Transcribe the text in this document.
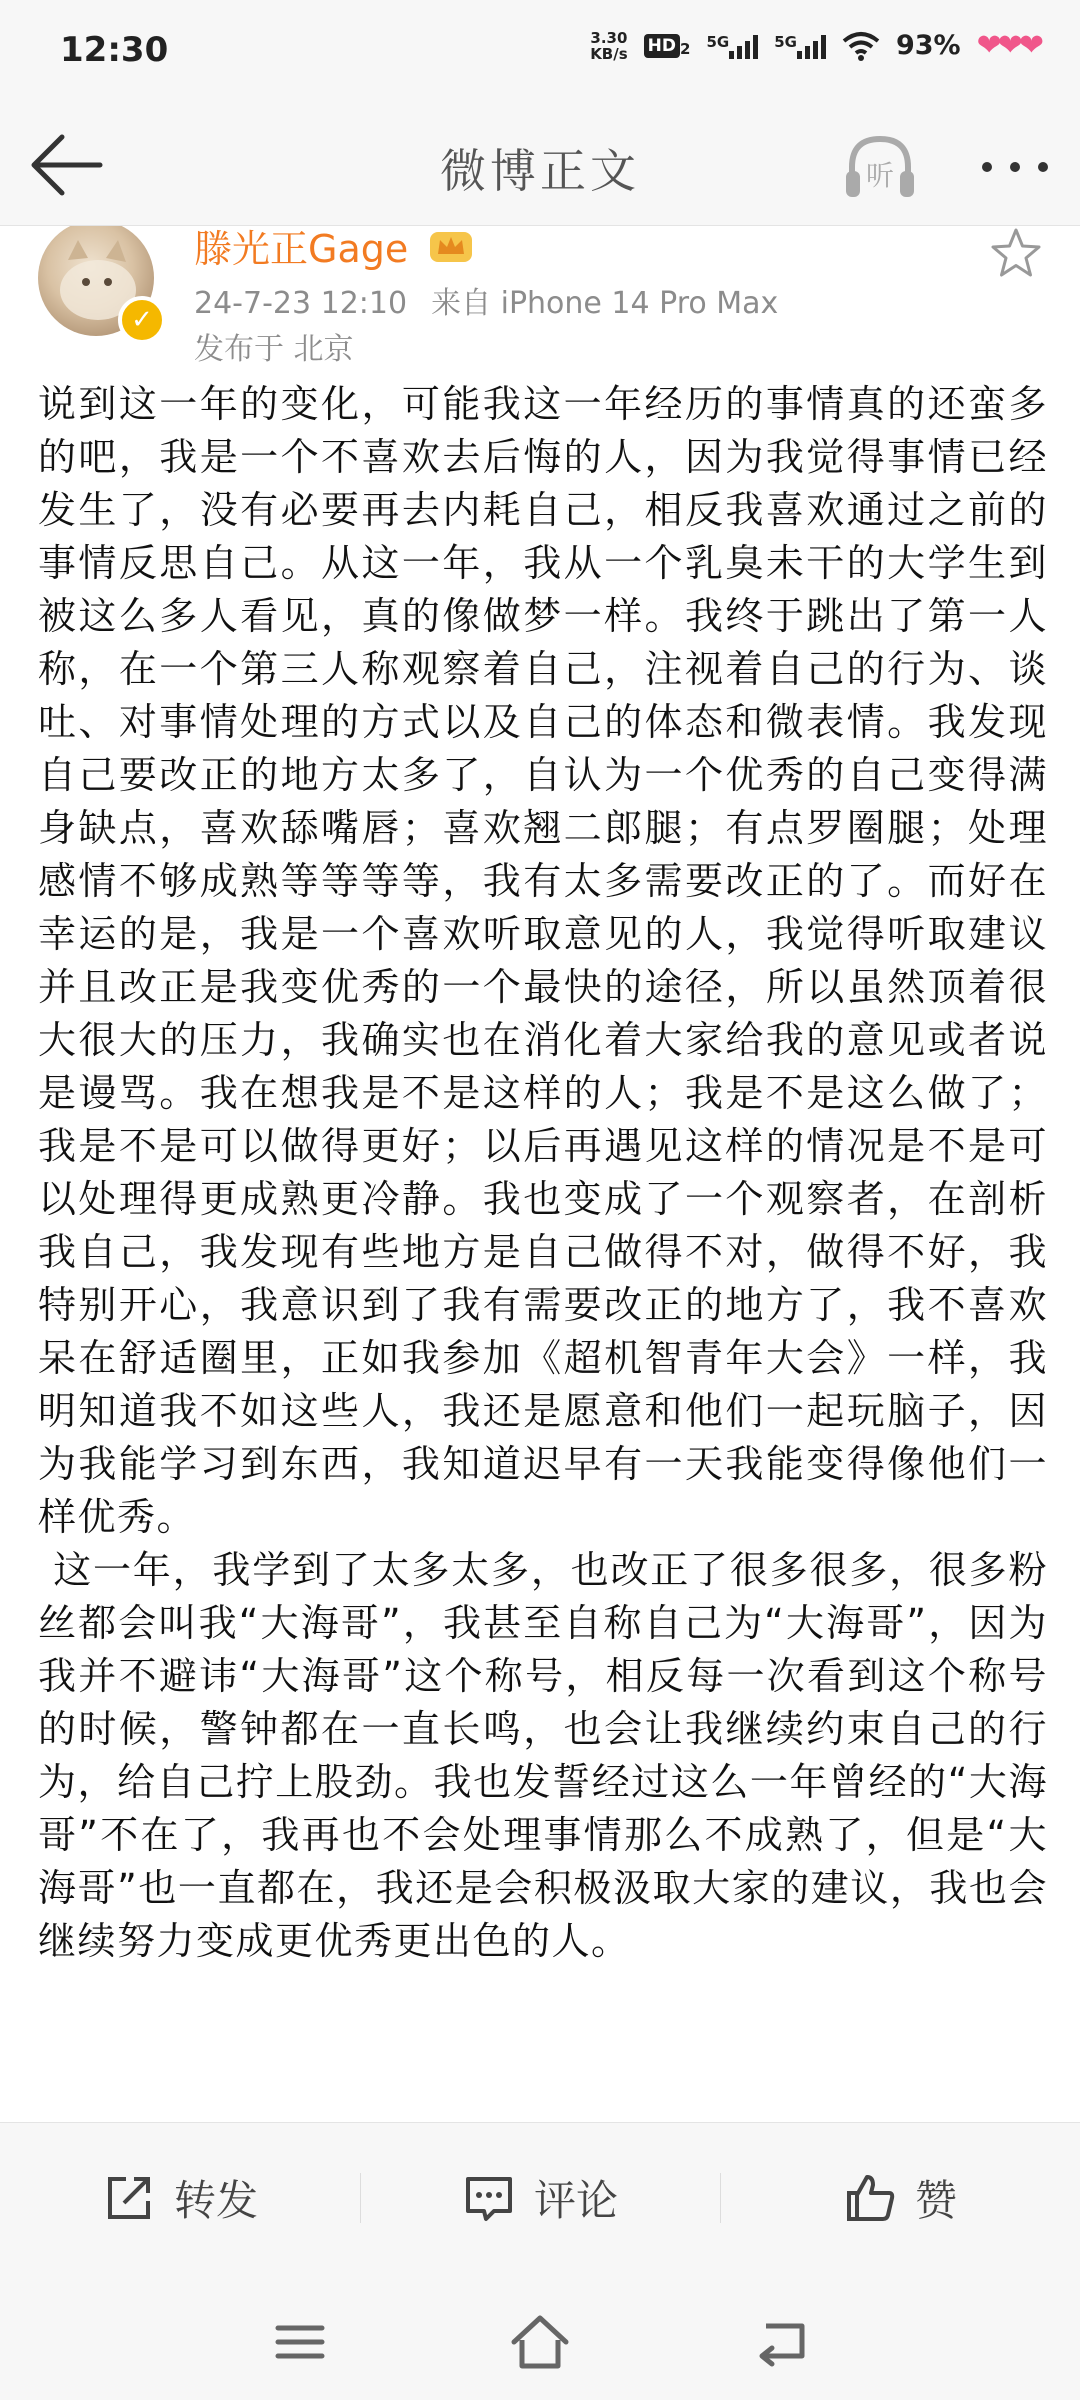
12:30	3.30
KB/s HD 2 5G	5G	93% ❤❤❤
微博正文	听
✓
滕光正Gage
24-7-23 12:10 来自 iPhone 14 Pro Max
发布于 北京

说到这一年的变化，可能我这一年经历的事情真的还蛮多的吧，我是一个不喜欢去后悔的人，因为我觉得事情已经发生了，没有必要再去内耗自己，相反我喜欢通过之前的事情反思自己。从这一年，我从一个乳臭未干的大学生到被这么多人看见，真的像做梦一样。我终于跳出了第一人称，在一个第三人称观察着自己，注视着自己的行为、谈吐、对事情处理的方式以及自己的体态和微表情。我发现自己要改正的地方太多了，自认为一个优秀的自己变得满身缺点，喜欢舔嘴唇；喜欢翘二郎腿；有点罗圈腿；处理感情不够成熟等等等等，我有太多需要改正的了。而好在幸运的是，我是一个喜欢听取意见的人，我觉得听取建议并且改正是我变优秀的一个最快的途径，所以虽然顶着很大很大的压力，我确实也在消化着大家给我的意见或者说是谩骂。我在想我是不是这样的人；我是不是这么做了；我是不是可以做得更好；以后再遇见这样的情况是不是可以处理得更成熟更冷静。我也变成了一个观察者，在剖析我自己，我发现有些地方是自己做得不对，做得不好，我特别开心，我意识到了我有需要改正的地方了，我不喜欢呆在舒适圈里，正如我参加《超机智青年大会》一样，我明知道我不如这些人，我还是愿意和他们一起玩脑子，因为我能学习到东西，我知道迟早有一天我能变得像他们一样优秀。

这一年，我学到了太多太多，也改正了很多很多，很多粉丝都会叫我“大海哥”，我甚至自称自己为“大海哥”，因为我并不避讳“大海哥”这个称号，相反每一次看到这个称号的时候，警钟都在一直长鸣，也会让我继续约束自己的行为，给自己拧上股劲。我也发誓经过这么一年曾经的“大海哥”不在了，我再也不会处理事情那么不成熟了，但是“大海哥”也一直都在，我还是会积极汲取大家的建议，我也会继续努力变成更优秀更出色的人。

转发	评论	赞
